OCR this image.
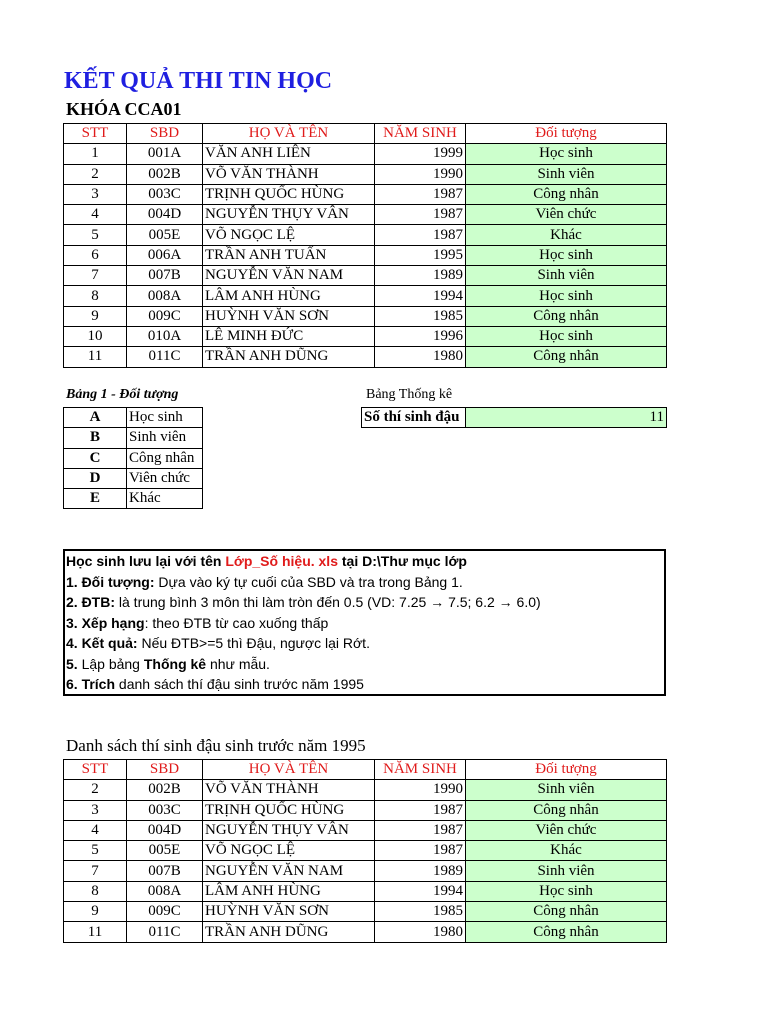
KẾT QUẢ THI TIN HỌC
KHÓA CCA01
STT	SBD	HỌ VÀ TÊN	NĂM SINH	Đối tượng
1	001A	VĂN ANH LIÊN	1999	Học sinh
2	002B	VÕ VĂN THÀNH	1990	Sinh viên
3	003C	TRỊNH QUỐC HÙNG	1987	Công nhân
4	004D	NGUYỄN THỤY VÂN	1987	Viên chức
5	005E	VÕ NGỌC LỆ	1987	Khác
6	006A	TRẦN ANH TUẤN	1995	Học sinh
7	007B	NGUYỄN VĂN NAM	1989	Sinh viên
8	008A	LÂM ANH HÙNG	1994	Học sinh
9	009C	HUỲNH VĂN SƠN	1985	Công nhân
10	010A	LÊ MINH ĐỨC	1996	Học sinh
11	011C	TRẦN ANH DŨNG	1980	Công nhân
Bảng 1 - Đối tượng
A	Học sinh
B	Sinh viên
C	Công nhân
D	Viên chức
E	Khác
Bảng Thống kê
Số thí sinh đậu	11
Học sinh lưu lại với tên Lớp_Số hiệu. xls tại D:\Thư mục lớp
1. Đối tượng: Dựa vào ký tự cuối của SBD và tra trong Bảng 1.
2. ĐTB: là trung bình 3 môn thi làm tròn đến 0.5 (VD: 7.25 → 7.5; 6.2 → 6.0)
3. Xếp hạng: theo ĐTB từ cao xuống thấp
4. Kết quả: Nếu ĐTB>=5 thì Đậu, ngược lại Rớt.
5. Lập bảng Thống kê như mẫu.
6. Trích danh sách thí đậu sinh trước năm 1995
Danh sách thí sinh đậu sinh trước năm 1995
STT	SBD	HỌ VÀ TÊN	NĂM SINH	Đối tượng
2	002B	VÕ VĂN THÀNH	1990	Sinh viên
3	003C	TRỊNH QUỐC HÙNG	1987	Công nhân
4	004D	NGUYỄN THỤY VÂN	1987	Viên chức
5	005E	VÕ NGỌC LỆ	1987	Khác
7	007B	NGUYỄN VĂN NAM	1989	Sinh viên
8	008A	LÂM ANH HÙNG	1994	Học sinh
9	009C	HUỲNH VĂN SƠN	1985	Công nhân
11	011C	TRẦN ANH DŨNG	1980	Công nhân
